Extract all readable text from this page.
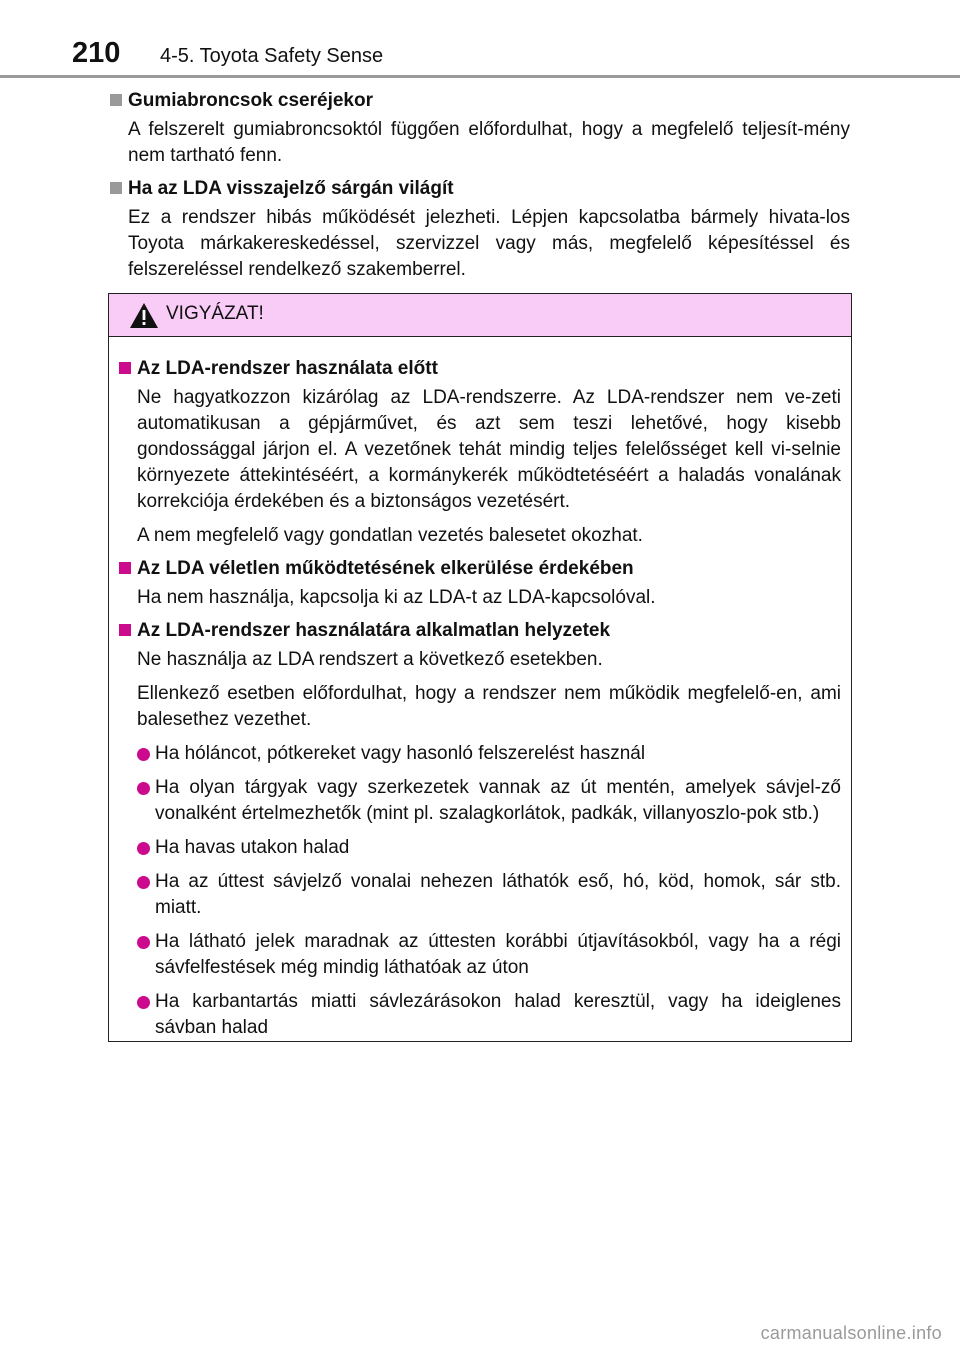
210 4-5. Toyota Safety Sense
Gumiabroncsok cseréjekor

A felszerelt gumiabroncsoktól függően előfordulhat, hogy a megfelelő teljesít-mény nem tartható fenn.

Ha az LDA visszajelző sárgán világít

Ez a rendszer hibás működését jelezheti. Lépjen kapcsolatba bármely hivata-los Toyota márkakereskedéssel, szervizzel vagy más, megfelelő képesítéssel és felszereléssel rendelkező szakemberrel.

VIGYÁZAT!
Az LDA-rendszer használata előtt

Ne hagyatkozzon kizárólag az LDA-rendszerre. Az LDA-rendszer nem ve-zeti automatikusan a gépjárművet, és azt sem teszi lehetővé, hogy kisebb gondossággal járjon el. A vezetőnek tehát mindig teljes felelősséget kell vi-selnie környezete áttekintéséért, a kormánykerék működtetéséért a haladás vonalának korrekciója érdekében és a biztonságos vezetésért.

A nem megfelelő vagy gondatlan vezetés balesetet okozhat.

Az LDA véletlen működtetésének elkerülése érdekében

Ha nem használja, kapcsolja ki az LDA-t az LDA-kapcsolóval.

Az LDA-rendszer használatára alkalmatlan helyzetek

Ne használja az LDA rendszert a következő esetekben.

Ellenkező esetben előfordulhat, hogy a rendszer nem működik megfelelő-en, ami balesethez vezethet.

Ha hóláncot, pótkereket vagy hasonló felszerelést használ
Ha olyan tárgyak vagy szerkezetek vannak az út mentén, amelyek sávjel-ző vonalként értelmezhetők (mint pl. szalagkorlátok, padkák, villanyoszlo-pok stb.)
Ha havas utakon halad
Ha az úttest sávjelző vonalai nehezen láthatók eső, hó, köd, homok, sár stb. miatt.
Ha látható jelek maradnak az úttesten korábbi útjavításokból, vagy ha a régi sávfelfestések még mindig láthatóak az úton
Ha karbantartás miatti sávlezárásokon halad keresztül, vagy ha ideiglenes sávban halad
carmanualsonline.info
